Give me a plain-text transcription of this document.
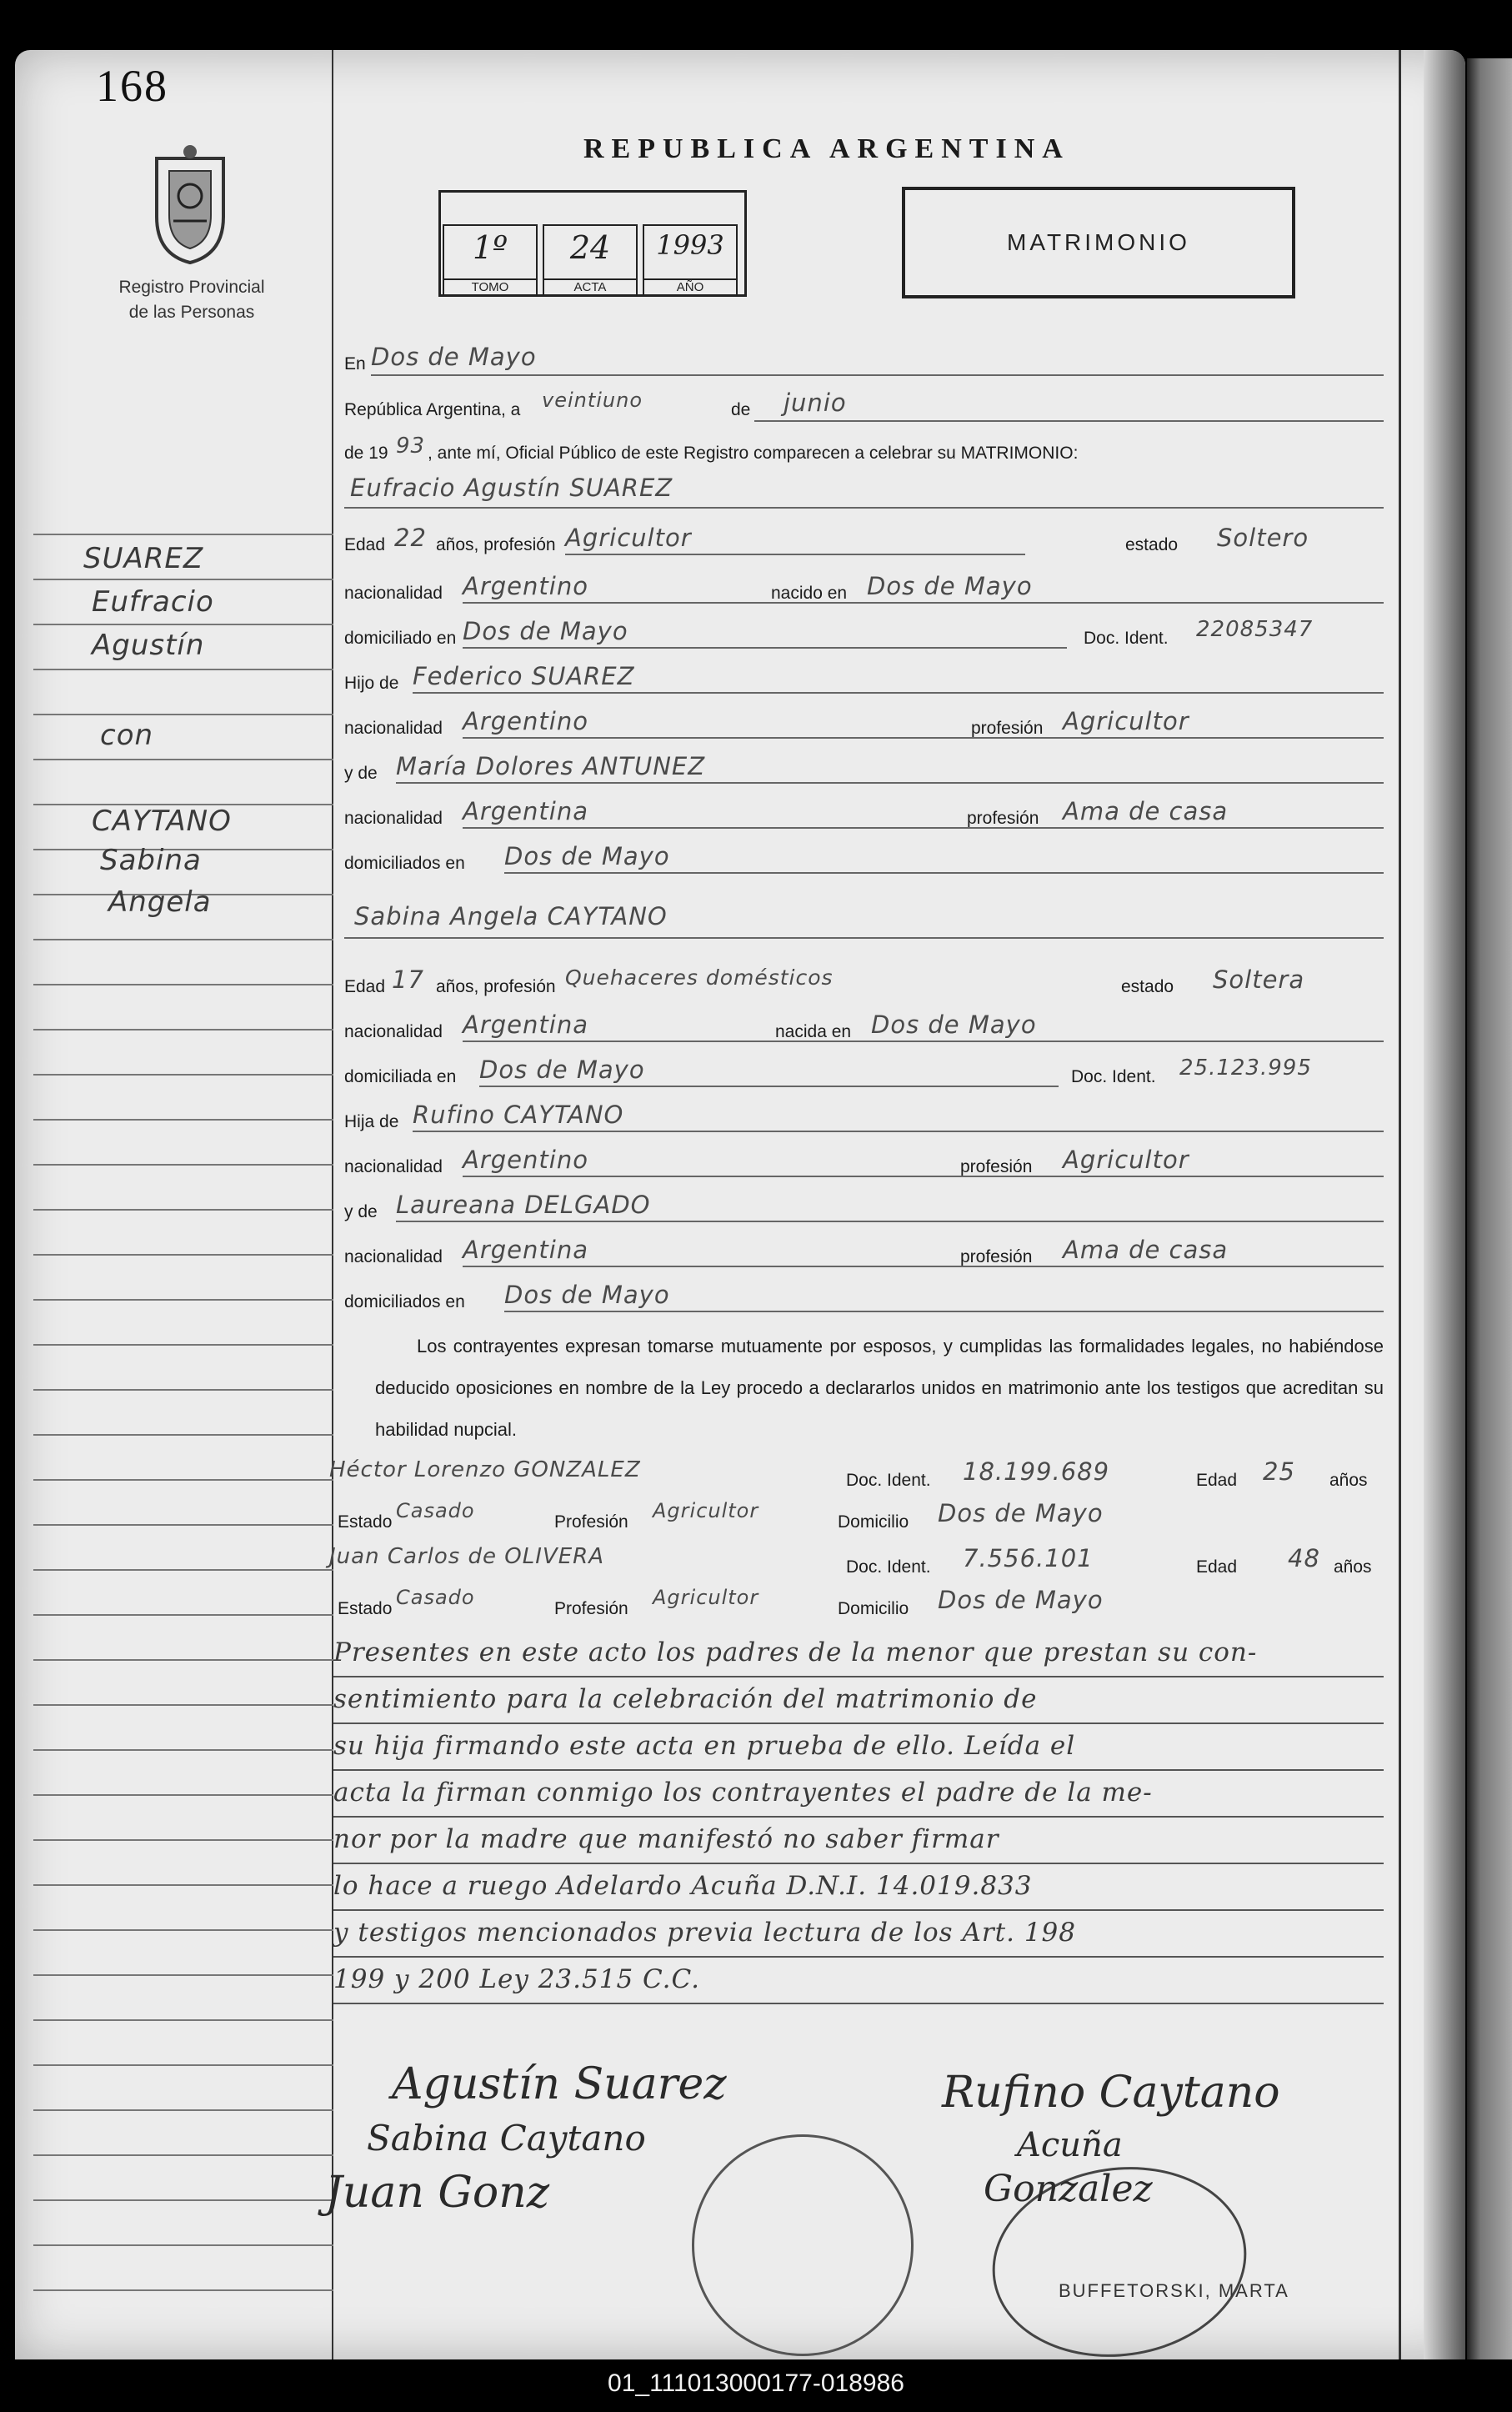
168
Registro Provincial
de las Personas
SUAREZ
Eufracio
Agustín
con
CAYTANO
Sabina
Angela
REPUBLICA ARGENTINA
1º
TOMO
24
ACTA
1993
AÑO
MATRIMONIO
En Dos de Mayo
República Argentina, a veintiuno	de junio
de 19 93 , ante mí, Oficial Público de este Registro comparecen a celebrar su MATRIMONIO:
Eufracio Agustín SUAREZ
Edad 22 años, profesión Agricultor	estado Soltero
nacionalidad Argentino	nacido en Dos de Mayo
domiciliado en Dos de Mayo	Doc. Ident. 22085347
Hijo de Federico SUAREZ
nacionalidad Argentino	profesión Agricultor
y de María Dolores ANTUNEZ
nacionalidad Argentina	profesión Ama de casa
domiciliados en Dos de Mayo
Sabina Angela CAYTANO
Edad 17 años, profesión Quehaceres domésticos	estado Soltera
nacionalidad Argentina	nacida en Dos de Mayo
domiciliada en Dos de Mayo	Doc. Ident. 25.123.995
Hija de Rufino CAYTANO
nacionalidad Argentino	profesión Agricultor
y de Laureana DELGADO
nacionalidad Argentina	profesión Ama de casa
domiciliados en Dos de Mayo
Los contrayentes expresan tomarse mutuamente por esposos, y cumplidas las formalidades legales, no habiéndose deducido oposiciones en nombre de la Ley procedo a declararlos unidos en matrimonio ante los testigos que acreditan su habilidad nupcial.
Héctor Lorenzo GONZALEZ	Doc. Ident. 18.199.689	Edad 25 años
Estado Casado	Profesión Agricultor	Domicilio Dos de Mayo
Juan Carlos de OLIVERA	Doc. Ident. 7.556.101	Edad 48 años
Estado Casado	Profesión Agricultor	Domicilio Dos de Mayo
Presentes en este acto los padres de la menor que prestan su con-
sentimiento para la celebración del matrimonio de
su hija firmando este acta en prueba de ello. Leída el
acta la firman conmigo los contrayentes el padre de la me-
nor por la madre que manifestó no saber firmar
lo hace a ruego Adelardo Acuña D.N.I. 14.019.833
y testigos mencionados previa lectura de los Art. 198
199 y 200 Ley 23.515 C.C.
BUFFETORSKI, MARTA
Agustín Suarez
Sabina Caytano
Juan Gonz
Rufino Caytano
Acuña
Gonzalez
01_111013000177-018986
